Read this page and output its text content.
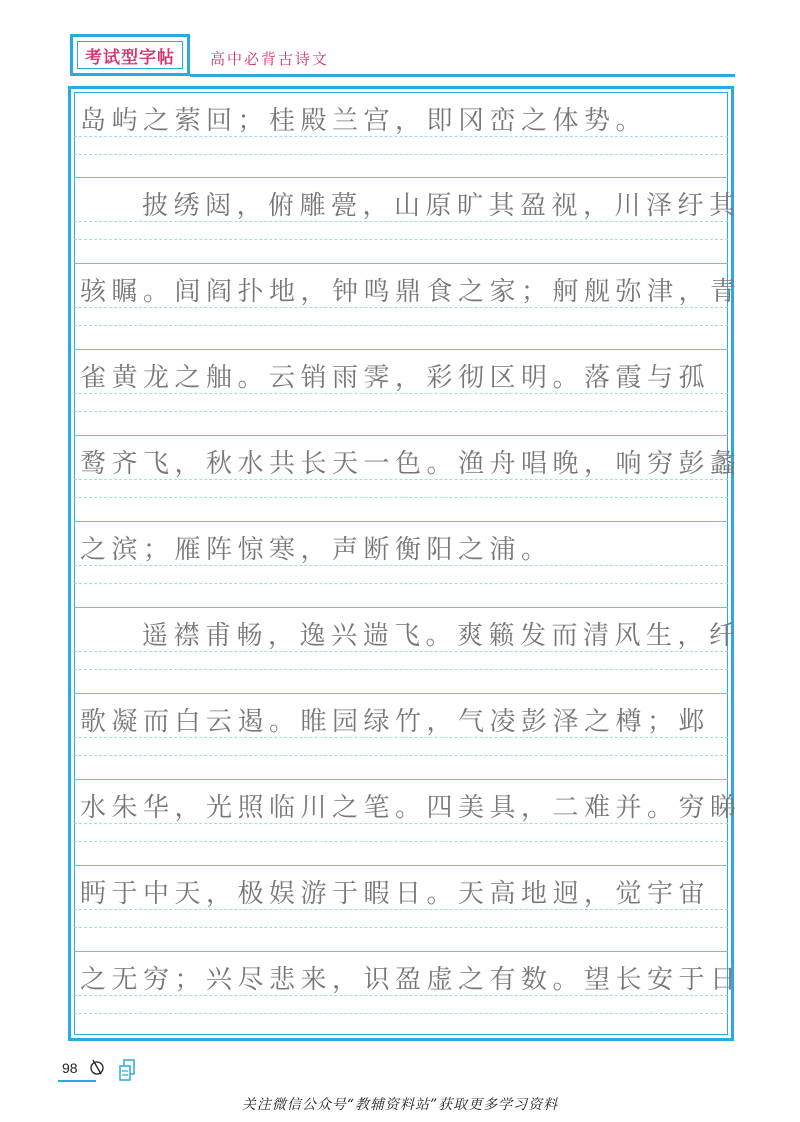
考试型字帖	高中必背古诗文
岛屿之萦回；桂殿兰宫，即冈峦之体势。
披绣闼，俯雕甍，山原旷其盈视，川泽纡其
骇瞩。闾阎扑地，钟鸣鼎食之家；舸舰弥津，青
雀黄龙之舳。云销雨霁，彩彻区明。落霞与孤
鹜齐飞，秋水共长天一色。渔舟唱晚，响穷彭蠡
之滨；雁阵惊寒，声断衡阳之浦。
遥襟甫畅，逸兴遄飞。爽籁发而清风生，纤
歌凝而白云遏。睢园绿竹，气凌彭泽之樽；邺
水朱华，光照临川之笔。四美具，二难并。穷睇
眄于中天，极娱游于暇日。天高地迥，觉宇宙
之无穷；兴尽悲来，识盈虚之有数。望长安于日
98
关注微信公众号“教辅资料站”获取更多学习资料
